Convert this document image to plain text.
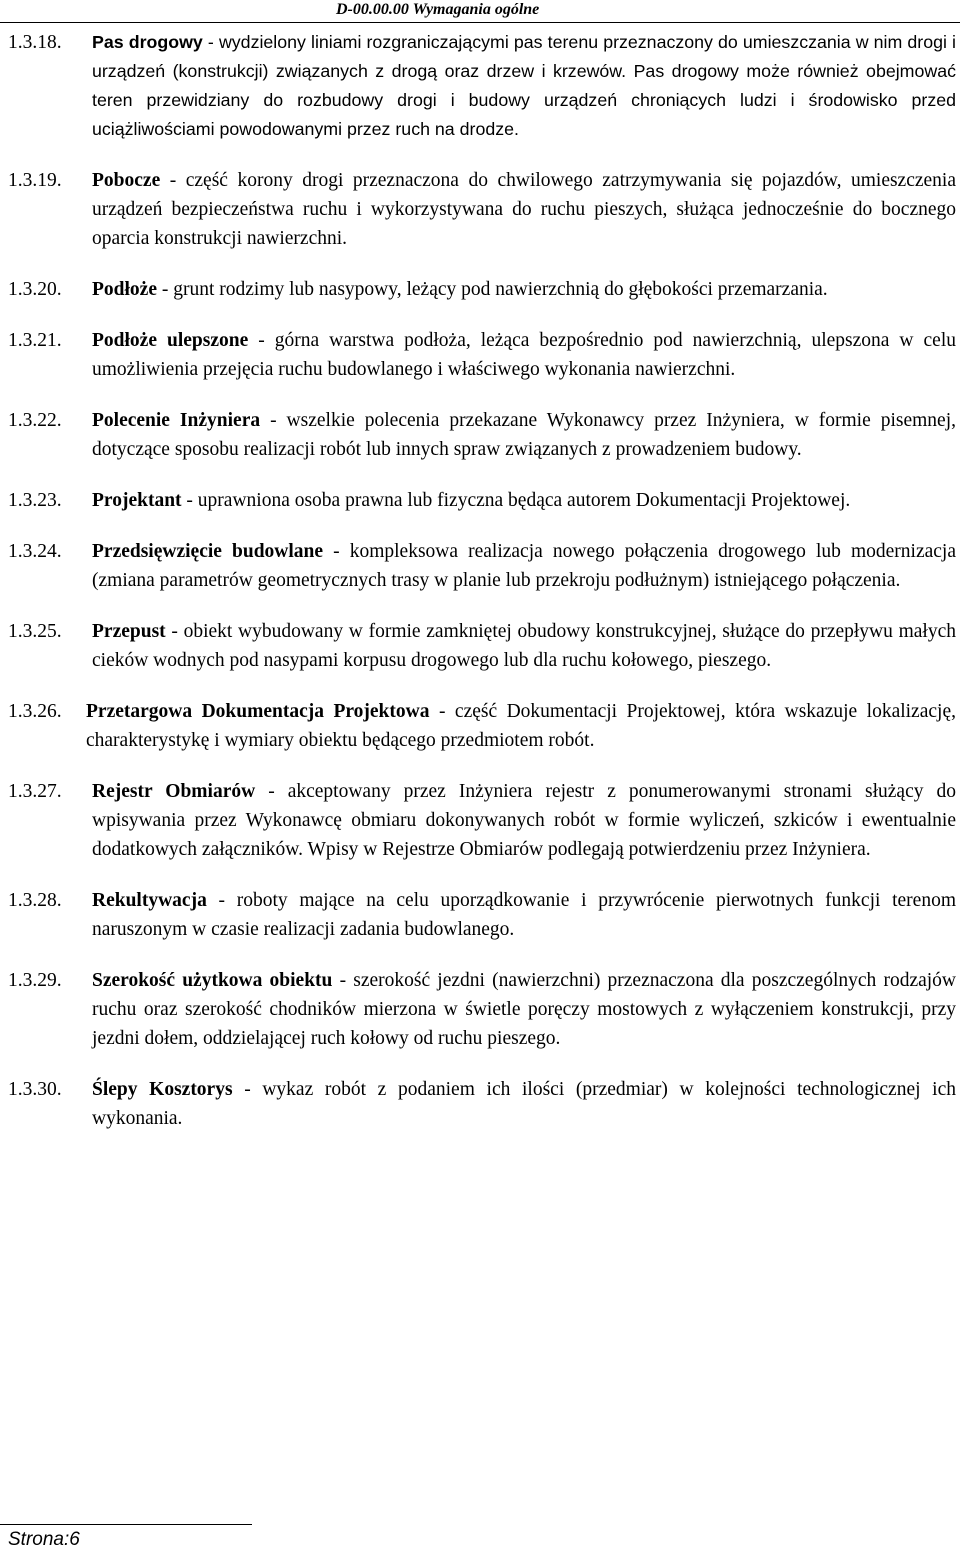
D-00.00.00 Wymagania ogólne
1.3.18.	Pas drogowy - wydzielony liniami rozgraniczającymi pas terenu przeznaczony do umieszczania w nim drogi i urządzeń (konstrukcji) związanych z drogą oraz drzew i krzewów. Pas drogowy może również obejmować teren przewidziany do rozbudowy drogi i budowy urządzeń chroniących ludzi i środowisko przed uciążliwościami powodowanymi przez ruch na drodze.
1.3.19.	Pobocze - część korony drogi przeznaczona do chwilowego zatrzymywania się pojazdów, umieszczenia urządzeń bezpieczeństwa ruchu i wykorzystywana do ruchu pieszych, służąca jednocześnie do bocznego oparcia konstrukcji nawierzchni.
1.3.20.	Podłoże - grunt rodzimy lub nasypowy, leżący pod nawierzchnią do głębokości przemarzania.
1.3.21.	Podłoże ulepszone - górna warstwa podłoża, leżąca bezpośrednio pod nawierzchnią, ulepszona w celu umożliwienia przejęcia ruchu budowlanego i właściwego wykonania nawierzchni.
1.3.22.	Polecenie Inżyniera - wszelkie polecenia przekazane Wykonawcy przez Inżyniera, w formie pisemnej, dotyczące sposobu realizacji robót lub innych spraw związanych z prowadzeniem budowy.
1.3.23.	Projektant - uprawniona osoba prawna lub fizyczna będąca autorem Dokumentacji Projektowej.
1.3.24.	Przedsięwzięcie budowlane - kompleksowa realizacja nowego połączenia drogowego lub modernizacja (zmiana parametrów geometrycznych trasy w planie lub przekroju podłużnym) istniejącego połączenia.
1.3.25.	Przepust - obiekt wybudowany w formie zamkniętej obudowy konstrukcyjnej, służące do przepływu małych cieków wodnych pod nasypami korpusu drogowego lub dla ruchu kołowego, pieszego.
1.3.26.	Przetargowa Dokumentacja Projektowa - część Dokumentacji Projektowej, która wskazuje lokalizację, charakterystykę i wymiary obiektu będącego przedmiotem robót.
1.3.27.	Rejestr Obmiarów - akceptowany przez Inżyniera rejestr z ponumerowanymi stronami służący do wpisywania przez Wykonawcę obmiaru dokonywanych robót w formie wyliczeń, szkiców i ewentualnie dodatkowych załączników. Wpisy w Rejestrze Obmiarów podlegają potwierdzeniu przez Inżyniera.
1.3.28.	Rekultywacja - roboty mające na celu uporządkowanie i przywrócenie pierwotnych funkcji terenom naruszonym w czasie realizacji zadania budowlanego.
1.3.29.	Szerokość użytkowa obiektu - szerokość jezdni (nawierzchni) przeznaczona dla poszczególnych rodzajów ruchu oraz szerokość chodników mierzona w świetle poręczy mostowych z wyłączeniem konstrukcji, przy jezdni dołem, oddzielającej ruch kołowy od ruchu pieszego.
1.3.30.	Ślepy Kosztorys - wykaz robót z podaniem ich ilości (przedmiar) w kolejności technologicznej ich wykonania.
Strona:6
